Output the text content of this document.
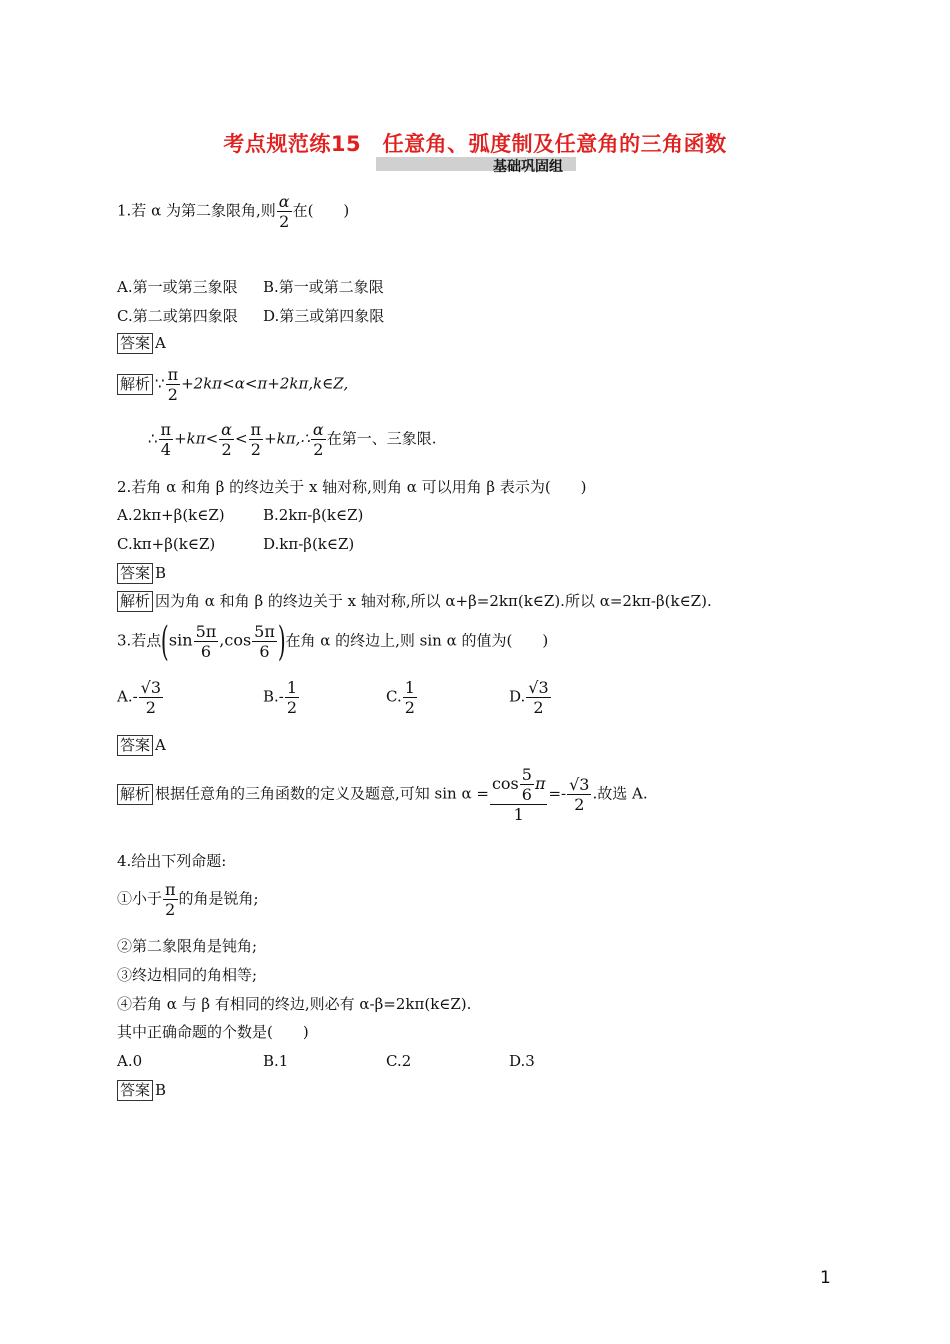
考点规范练15　任意角、弧度制及任意角的三角函数
基础巩固组
1.若 α 为第二象限角,则 $\frac{\alpha}{2}$ 在(　　)
A.第一或第三象限 B.第一或第二象限
C.第二或第四象限 D.第三或第四象限
答案 A
解析 ∵ $\frac{\pi}{2}$ +2kπ<α<π+2kπ,k∈Z,
∴ $\frac{\pi}{4} +k\pi< \frac{\alpha}{2} < \frac{\pi}{2}$ +kπ,∴ $\frac{\alpha}{2}$ 在第一、三象限.
2.若角 α 和角 β 的终边关于 x 轴对称,则角 α 可以用角 β 表示为(　　)
A.2kπ+β(k∈Z)	B.2kπ-β(k∈Z)
C.kπ+β(k∈Z)	D.kπ-β(k∈Z)
答案 B
解析 因为角 α 和角 β 的终边关于 x 轴对称,所以 α+β=2kπ(k∈Z).所以 α=2kπ-β(k∈Z).
3.若点($\sin \frac{5\pi}{6} ,\cos \frac{5\pi}{6}$ )在角 α 的终边上,则 sin α 的值为(　　)
$A.- \frac{√3}{2}$	$B.- \frac{1}{2}$	C. $\frac{1}{2}$	D. $\frac{√3}{2}$
答案 A
解析 根据任意角的三角函数的定义及题意,可知 $\sin \alpha = \frac{\cos \frac{5}{6} \pi}{1} =- \frac{√3}{2}$ .故选 A.
4.给出下列命题:
①小于 $\frac{\pi}{2}$ 的角是锐角;
②第二象限角是钝角;
③终边相同的角相等;
④若角 α 与 β 有相同的终边,则必有 α-β=2kπ(k∈Z).
其中正确命题的个数是(　　)
A.0	B.1	C.2	D.3
答案 B
1
